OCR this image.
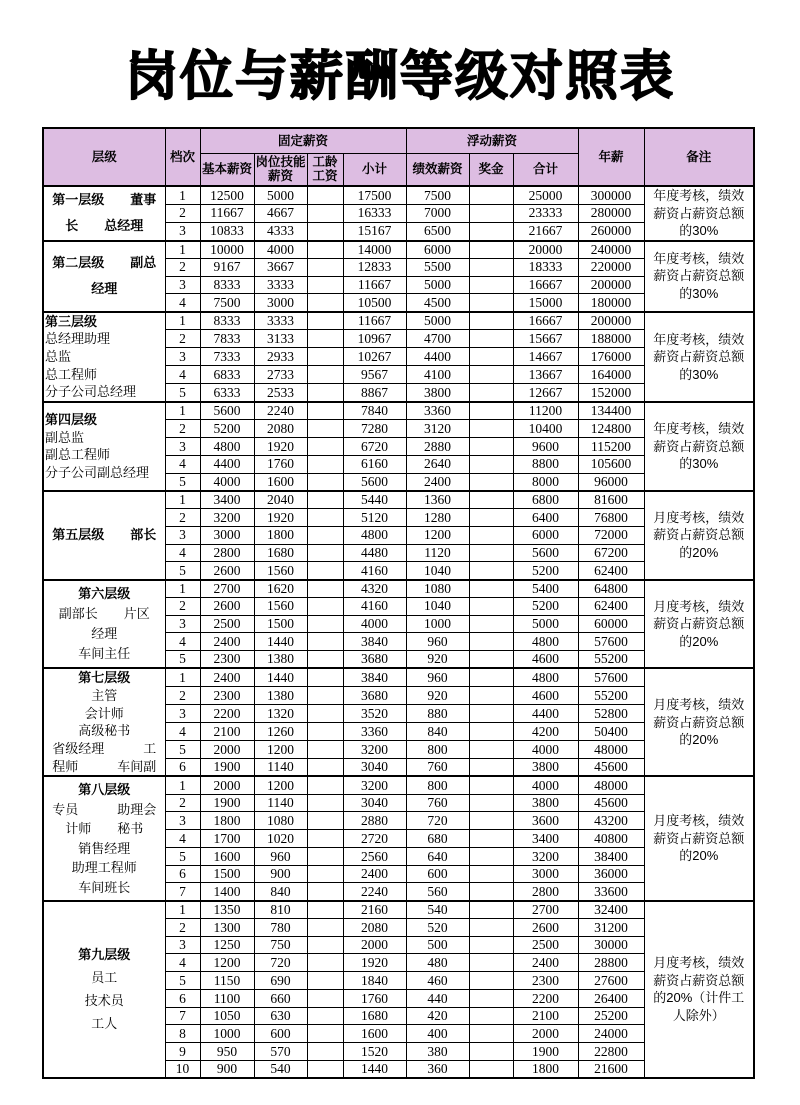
岗位与薪酬等级对照表
层级	档次	固定薪资				浮动薪资			年薪	备注
		基本薪资	岗位技能薪资	工龄工资	小计	绩效薪资	奖金	合计		

第一层级　　董事
长　　总经理	1	12500	5000		17500	7500		25000	300000	年度考核，绩效薪资占薪资总额的30%
	2	11667	4667		16333	7000		23333	280000	
	3	10833	4333		15167	6500		21667	260000	

第二层级　　副总
经理	1	10000	4000		14000	6000		20000	240000	年度考核，绩效薪资占薪资总额的30%
	2	9167	3667		12833	5500		18333	220000	
	3	8333	3333		11667	5000		16667	200000	
	4	7500	3000		10500	4500		15000	180000	

第三层级
总经理助理
总监
总工程师
分子公司总经理	1	8333	3333		11667	5000		16667	200000	年度考核，绩效薪资占薪资总额的30%
	2	7833	3133		10967	4700		15667	188000	
	3	7333	2933		10267	4400		14667	176000	
	4	6833	2733		9567	4100		13667	164000	
	5	6333	2533		8867	3800		12667	152000	

第四层级
副总监
副总工程师
分子公司副总经理	1	5600	2240		7840	3360		11200	134400	年度考核，绩效薪资占薪资总额的30%
	2	5200	2080		7280	3120		10400	124800	
	3	4800	1920		6720	2880		9600	115200	
	4	4400	1760		6160	2640		8800	105600	
	5	4000	1600		5600	2400		8000	96000	

第五层级　　部长	1	3400	2040		5440	1360		6800	81600	月度考核，绩效薪资占薪资总额的20%
	2	3200	1920		5120	1280		6400	76800	
	3	3000	1800		4800	1200		6000	72000	
	4	2800	1680		4480	1120		5600	67200	
	5	2600	1560		4160	1040		5200	62400	

第六层级
副部长　　片区
经理
车间主任	1	2700	1620		4320	1080		5400	64800	月度考核，绩效薪资占薪资总额的20%
	2	2600	1560		4160	1040		5200	62400	
	3	2500	1500		4000	1000		5000	60000	
	4	2400	1440		3840	960		4800	57600	
	5	2300	1380		3680	920		4600	55200	

第七层级
主管
会计师
高级秘书
省级经理　　　工
程师　　　车间副
	1	2400	1440		3840	960		4800	57600	月度考核，绩效薪资占薪资总额的20%
	2	2300	1380		3680	920		4600	55200	
	3	2200	1320		3520	880		4400	52800	
	4	2100	1260		3360	840		4200	50400	
	5	2000	1200		3200	800		4000	48000	
	6	1900	1140		3040	760		3800	45600	

第八层级
专员　　　助理会
计师　　秘书
销售经理
助理工程师
车间班长
	1	2000	1200		3200	800		4000	48000	月度考核，绩效薪资占薪资总额的20%
	2	1900	1140		3040	760		3800	45600	
	3	1800	1080		2880	720		3600	43200	
	4	1700	1020		2720	680		3400	40800	
	5	1600	960		2560	640		3200	38400	
	6	1500	900		2400	600		3000	36000	
	7	1400	840		2240	560		2800	33600	

第九层级
员工
技术员
工人	1	1350	810		2160	540		2700	32400	月度考核，绩效薪资占薪资总额的20%（计件工人除外）
	2	1300	780		2080	520		2600	31200	
	3	1250	750		2000	500		2500	30000	
	4	1200	720		1920	480		2400	28800	
	5	1150	690		1840	460		2300	27600	
	6	1100	660		1760	440		2200	26400	
	7	1050	630		1680	420		2100	25200	
	8	1000	600		1600	400		2000	24000	
	9	950	570		1520	380		1900	22800	
	10	900	540		1440	360		1800	21600	
